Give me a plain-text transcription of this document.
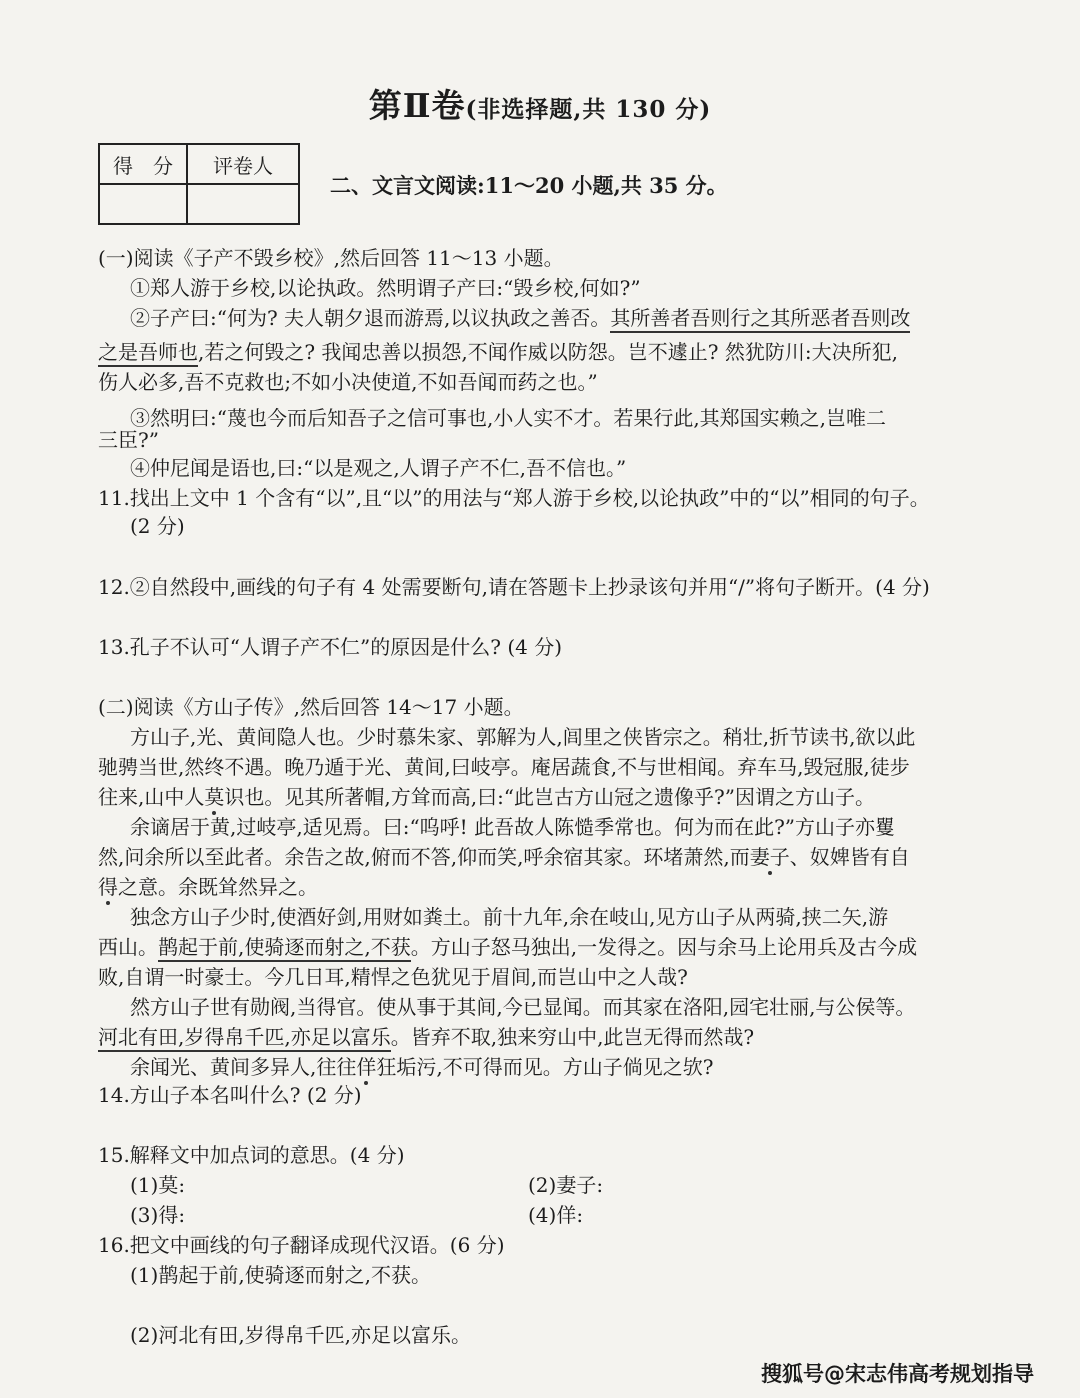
第Ⅱ卷(非选择题,共 130 分)
得　分	评卷人

二、文言文阅读:11～20 小题,共 35 分。
(一)阅读《子产不毁乡校》,然后回答 11～13 小题。
①郑人游于乡校,以论执政。然明谓子产曰:“毁乡校,何如?”
②子产曰:“何为? 夫人朝夕退而游焉,以议执政之善否。其所善者吾则行之其所恶者吾则改
之是吾师也,若之何毁之? 我闻忠善以损怨,不闻作威以防怨。岂不遽止? 然犹防川:大决所犯,
伤人必多,吾不克救也;不如小决使道,不如吾闻而药之也。”
③然明曰:“蔑也今而后知吾子之信可事也,小人实不才。若果行此,其郑国实赖之,岂唯二
三臣?”
④仲尼闻是语也,曰:“以是观之,人谓子产不仁,吾不信也。”
11.找出上文中 1 个含有“以”,且“以”的用法与“郑人游于乡校,以论执政”中的“以”相同的句子。
(2 分)
12.②自然段中,画线的句子有 4 处需要断句,请在答题卡上抄录该句并用“/”将句子断开。(4 分)
13.孔子不认可“人谓子产不仁”的原因是什么? (4 分)
(二)阅读《方山子传》,然后回答 14～17 小题。
方山子,光、黄间隐人也。少时慕朱家、郭解为人,闾里之侠皆宗之。稍壮,折节读书,欲以此
驰骋当世,然终不遇。晚乃遁于光、黄间,曰岐亭。庵居蔬食,不与世相闻。弃车马,毁冠服,徒步
往来,山中人莫识也。见其所著帽,方耸而高,曰:“此岂古方山冠之遗像乎?”因谓之方山子。
余谪居于黄,过岐亭,适见焉。曰:“呜呼! 此吾故人陈慥季常也。何为而在此?”方山子亦矍
然,问余所以至此者。余告之故,俯而不答,仰而笑,呼余宿其家。环堵萧然,而妻子、奴婢皆有自
得之意。余既耸然异之。
独念方山子少时,使酒好剑,用财如粪土。前十九年,余在岐山,见方山子从两骑,挟二矢,游
西山。鹊起于前,使骑逐而射之,不获。方山子怒马独出,一发得之。因与余马上论用兵及古今成
败,自谓一时豪士。今几日耳,精悍之色犹见于眉间,而岂山中之人哉?
然方山子世有勋阀,当得官。使从事于其间,今已显闻。而其家在洛阳,园宅壮丽,与公侯等。
河北有田,岁得帛千匹,亦足以富乐。皆弃不取,独来穷山中,此岂无得而然哉?
余闻光、黄间多异人,往往佯狂垢污,不可得而见。方山子倘见之欤?
14.方山子本名叫什么? (2 分)
15.解释文中加点词的意思。(4 分)
(1)莫:	(2)妻子:
(3)得:	(4)佯:
16.把文中画线的句子翻译成现代汉语。(6 分)
(1)鹊起于前,使骑逐而射之,不获。
(2)河北有田,岁得帛千匹,亦足以富乐。
搜狐号@宋志伟高考规划指导
